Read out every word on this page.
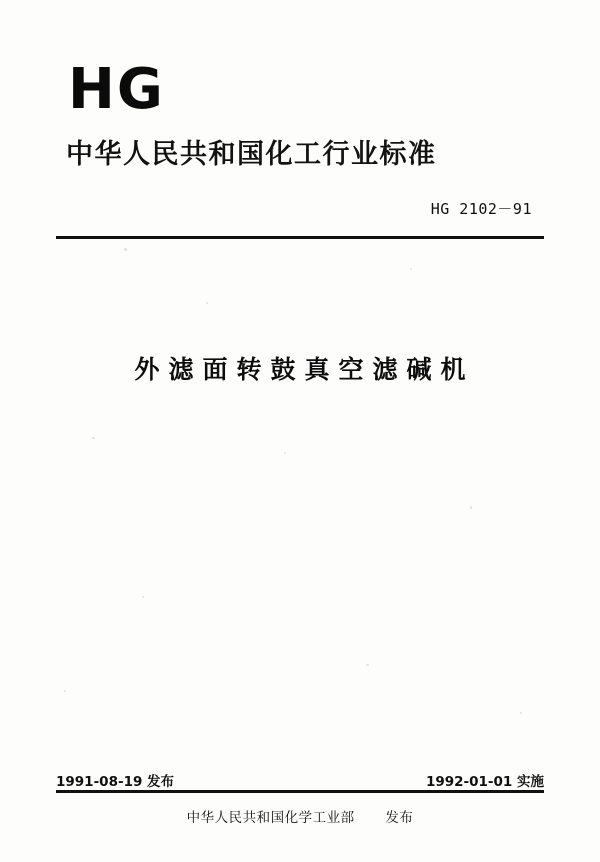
HG
中华人民共和国化工行业标准
HG 2102－91
外滤面转鼓真空滤碱机
1991-08-19 发布	1992-01-01 实施
中华人民共和国化学工业部 发布
